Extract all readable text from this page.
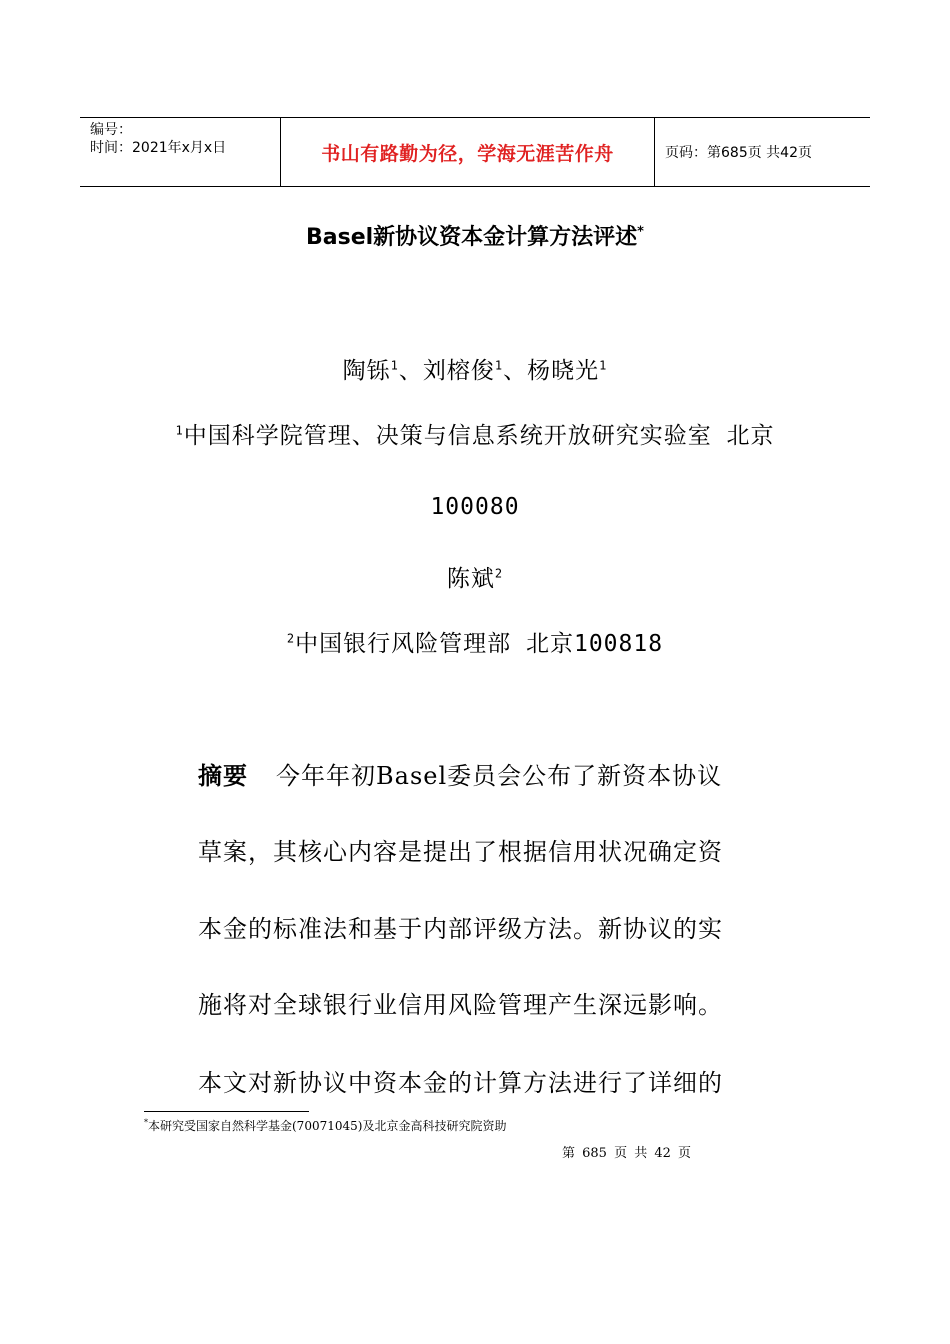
编号：
时间：2021年x月x日	书山有路勤为径，学海无涯苦作舟	页码：第685页 共42页
Basel新协议资本金计算方法评述*
陶铄$^1$、刘榕俊$^1$、杨晓光$^1$
$^1$中国科学院管理、决策与信息系统开放研究实验室 北京
100080
陈斌$^2$
$^2$中国银行风险管理部 北京100818
摘要 今年年初Basel委员会公布了新资本协议
草案，其核心内容是提出了根据信用状况确定资
本金的标准法和基于内部评级方法。新协议的实
施将对全球银行业信用风险管理产生深远影响。
本文对新协议中资本金的计算方法进行了详细的
*本研究受国家自然科学基金(70071045)及北京金高科技研究院资助
第 685 页 共 42 页
